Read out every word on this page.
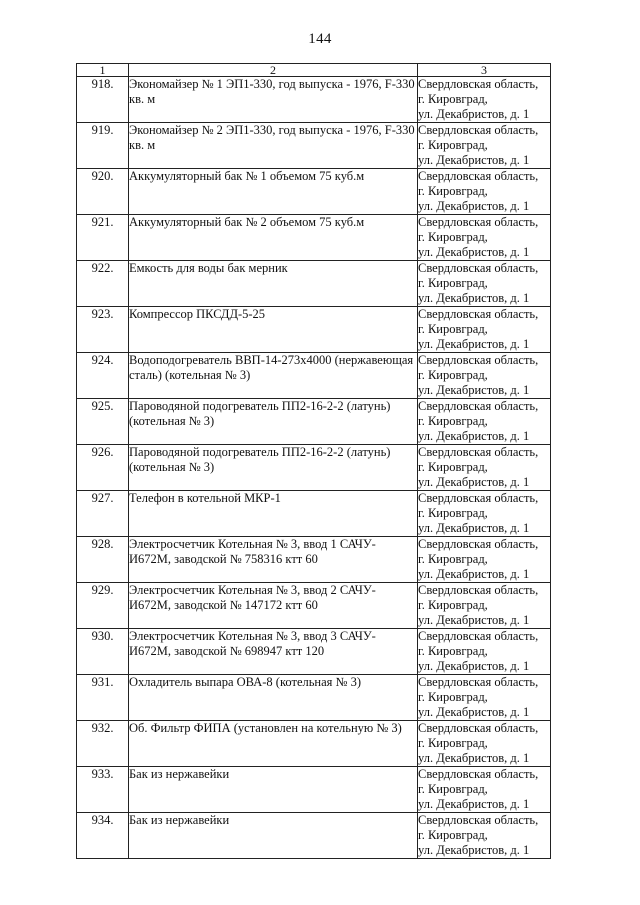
144
1	2	3
918.	Экономайзер № 1 ЭП1-330, год выпуска - 1976, F-330 кв. м	Свердловская область,
г. Кировград,
ул. Декабристов, д. 1

919.	Экономайзер № 2 ЭП1-330, год выпуска - 1976, F-330 кв. м	Свердловская область,
г. Кировград,
ул. Декабристов, д. 1

920.	Аккумуляторный бак № 1 объемом 75 куб.м	Свердловская область,
г. Кировград,
ул. Декабристов, д. 1

921.	Аккумуляторный бак № 2 объемом 75 куб.м	Свердловская область,
г. Кировград,
ул. Декабристов, д. 1

922.	Емкость для воды бак мерник	Свердловская область,
г. Кировград,
ул. Декабристов, д. 1

923.	Компрессор ПКСДД-5-25	Свердловская область,
г. Кировград,
ул. Декабристов, д. 1

924.	Водоподогреватель ВВП-14-273x4000 (нержавеющая сталь) (котельная № 3)	Свердловская область,
г. Кировград,
ул. Декабристов, д. 1

925.	Пароводяной подогреватель ПП2-16-2-2 (латунь) (котельная № 3)	Свердловская область,
г. Кировград,
ул. Декабристов, д. 1

926.	Пароводяной подогреватель ПП2-16-2-2 (латунь) (котельная № 3)	Свердловская область,
г. Кировград,
ул. Декабристов, д. 1

927.	Телефон в котельной МКР-1	Свердловская область,
г. Кировград,
ул. Декабристов, д. 1

928.	Электросчетчик Котельная № 3, ввод 1 САЧУ-И672М, заводской № 758316 ктт 60	Свердловская область,
г. Кировград,
ул. Декабристов, д. 1

929.	Электросчетчик Котельная № 3, ввод 2 САЧУ-И672М, заводской № 147172 ктт 60	Свердловская область,
г. Кировград,
ул. Декабристов, д. 1

930.	Электросчетчик Котельная № 3, ввод 3 САЧУ-И672М, заводской № 698947 ктт 120	Свердловская область,
г. Кировград,
ул. Декабристов, д. 1

931.	Охладитель выпара ОВА-8 (котельная № 3)	Свердловская область,
г. Кировград,
ул. Декабристов, д. 1

932.	Об. Фильтр ФИПА (установлен на котельную № 3)	Свердловская область,
г. Кировград,
ул. Декабристов, д. 1

933.	Бак из нержавейки	Свердловская область,
г. Кировград,
ул. Декабристов, д. 1

934.	Бак из нержавейки	Свердловская область,
г. Кировград,
ул. Декабристов, д. 1
